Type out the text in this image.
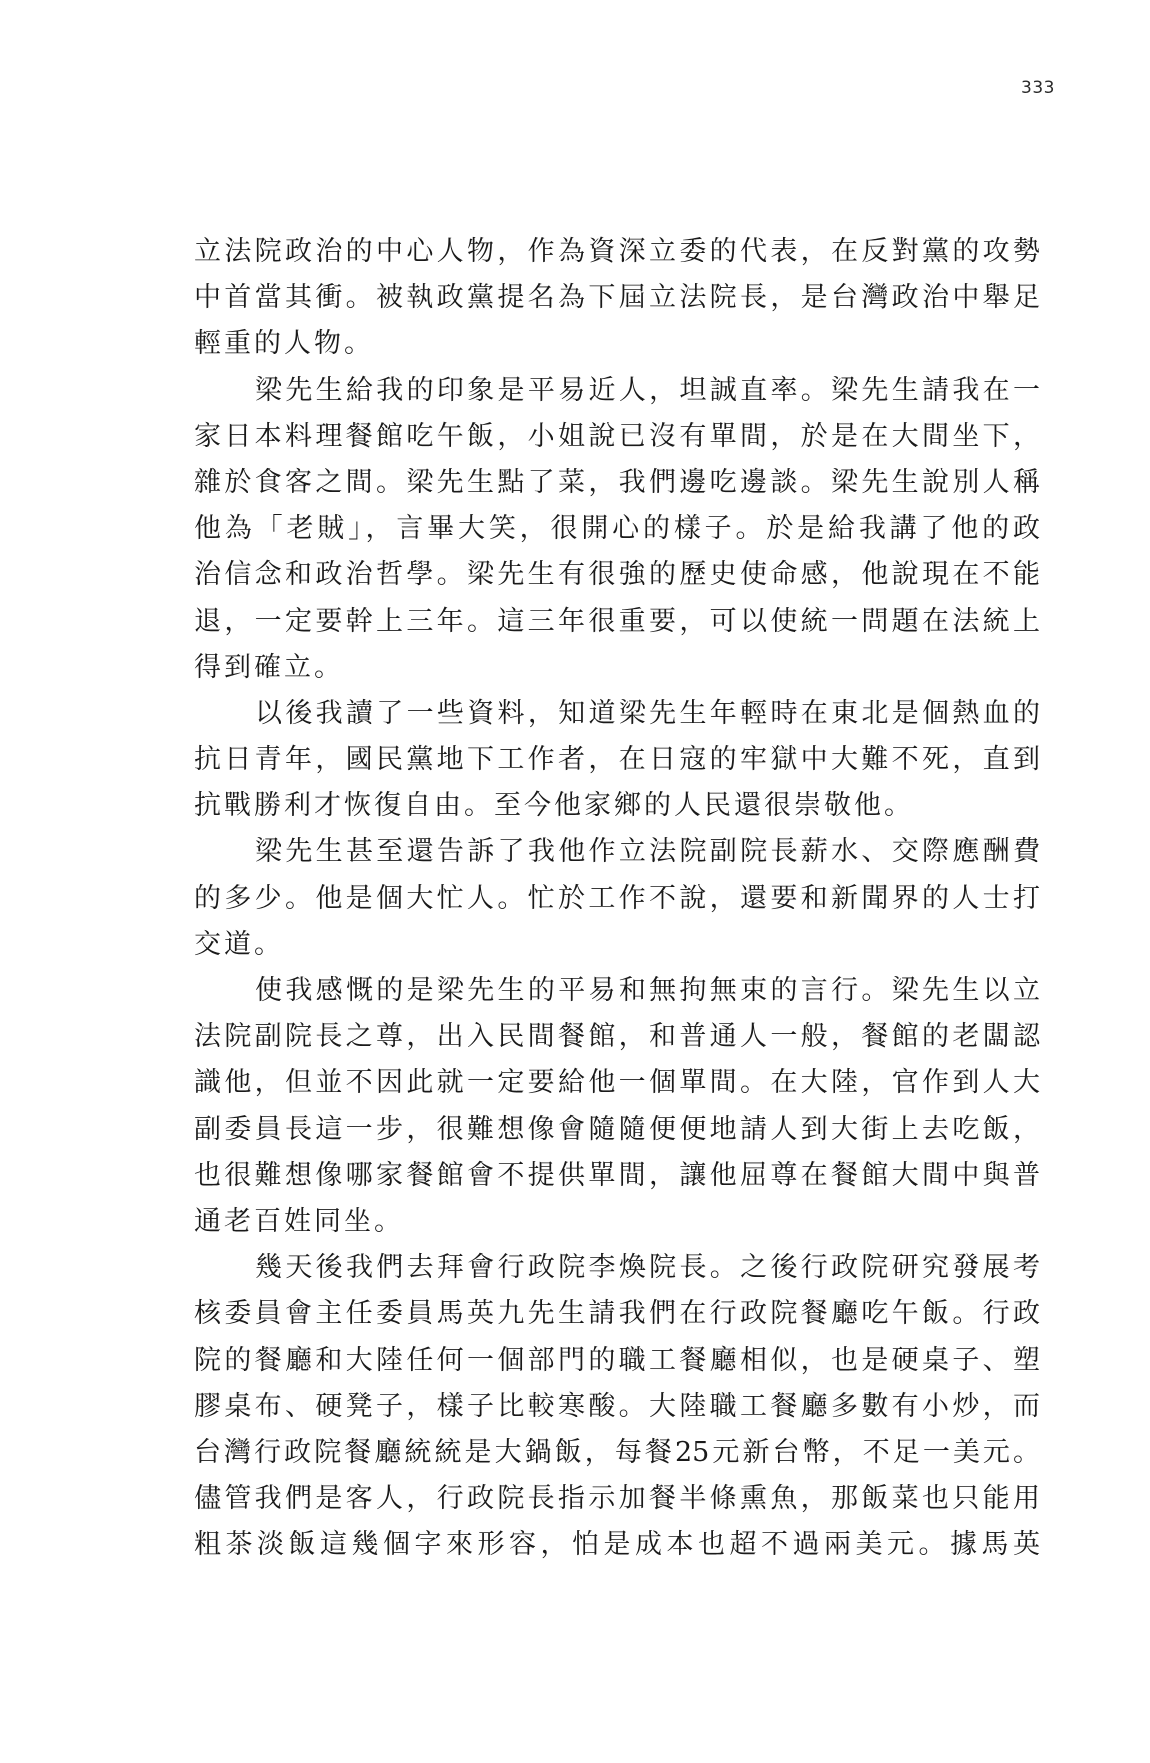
333
立法院政治的中心人物，作為資深立委的代表，在反對黨的攻勢
中首當其衝。被執政黨提名為下屆立法院長，是台灣政治中舉足
輕重的人物。
梁先生給我的印象是平易近人，坦誠直率。梁先生請我在一
家日本料理餐館吃午飯，小姐說已沒有單間，於是在大間坐下，
雜於食客之間。梁先生點了菜，我們邊吃邊談。梁先生說別人稱
他為「老賊」，言畢大笑，很開心的樣子。於是給我講了他的政
治信念和政治哲學。梁先生有很強的歷史使命感，他說現在不能
退，一定要幹上三年。這三年很重要，可以使統一問題在法統上
得到確立。
以後我讀了一些資料，知道梁先生年輕時在東北是個熱血的
抗日青年，國民黨地下工作者，在日寇的牢獄中大難不死，直到
抗戰勝利才恢復自由。至今他家鄉的人民還很崇敬他。
梁先生甚至還告訴了我他作立法院副院長薪水、交際應酬費
的多少。他是個大忙人。忙於工作不說，還要和新聞界的人士打
交道。
使我感慨的是梁先生的平易和無拘無束的言行。梁先生以立
法院副院長之尊，出入民間餐館，和普通人一般，餐館的老闆認
識他，但並不因此就一定要給他一個單間。在大陸，官作到人大
副委員長這一步，很難想像會隨隨便便地請人到大街上去吃飯，
也很難想像哪家餐館會不提供單間，讓他屈尊在餐館大間中與普
通老百姓同坐。
幾天後我們去拜會行政院李煥院長。之後行政院研究發展考
核委員會主任委員馬英九先生請我們在行政院餐廳吃午飯。行政
院的餐廳和大陸任何一個部門的職工餐廳相似，也是硬桌子、塑
膠桌布、硬凳子，樣子比較寒酸。大陸職工餐廳多數有小炒，而
台灣行政院餐廳統統是大鍋飯，每餐25元新台幣，不足一美元。
儘管我們是客人，行政院長指示加餐半條熏魚，那飯菜也只能用
粗茶淡飯這幾個字來形容，怕是成本也超不過兩美元。據馬英
